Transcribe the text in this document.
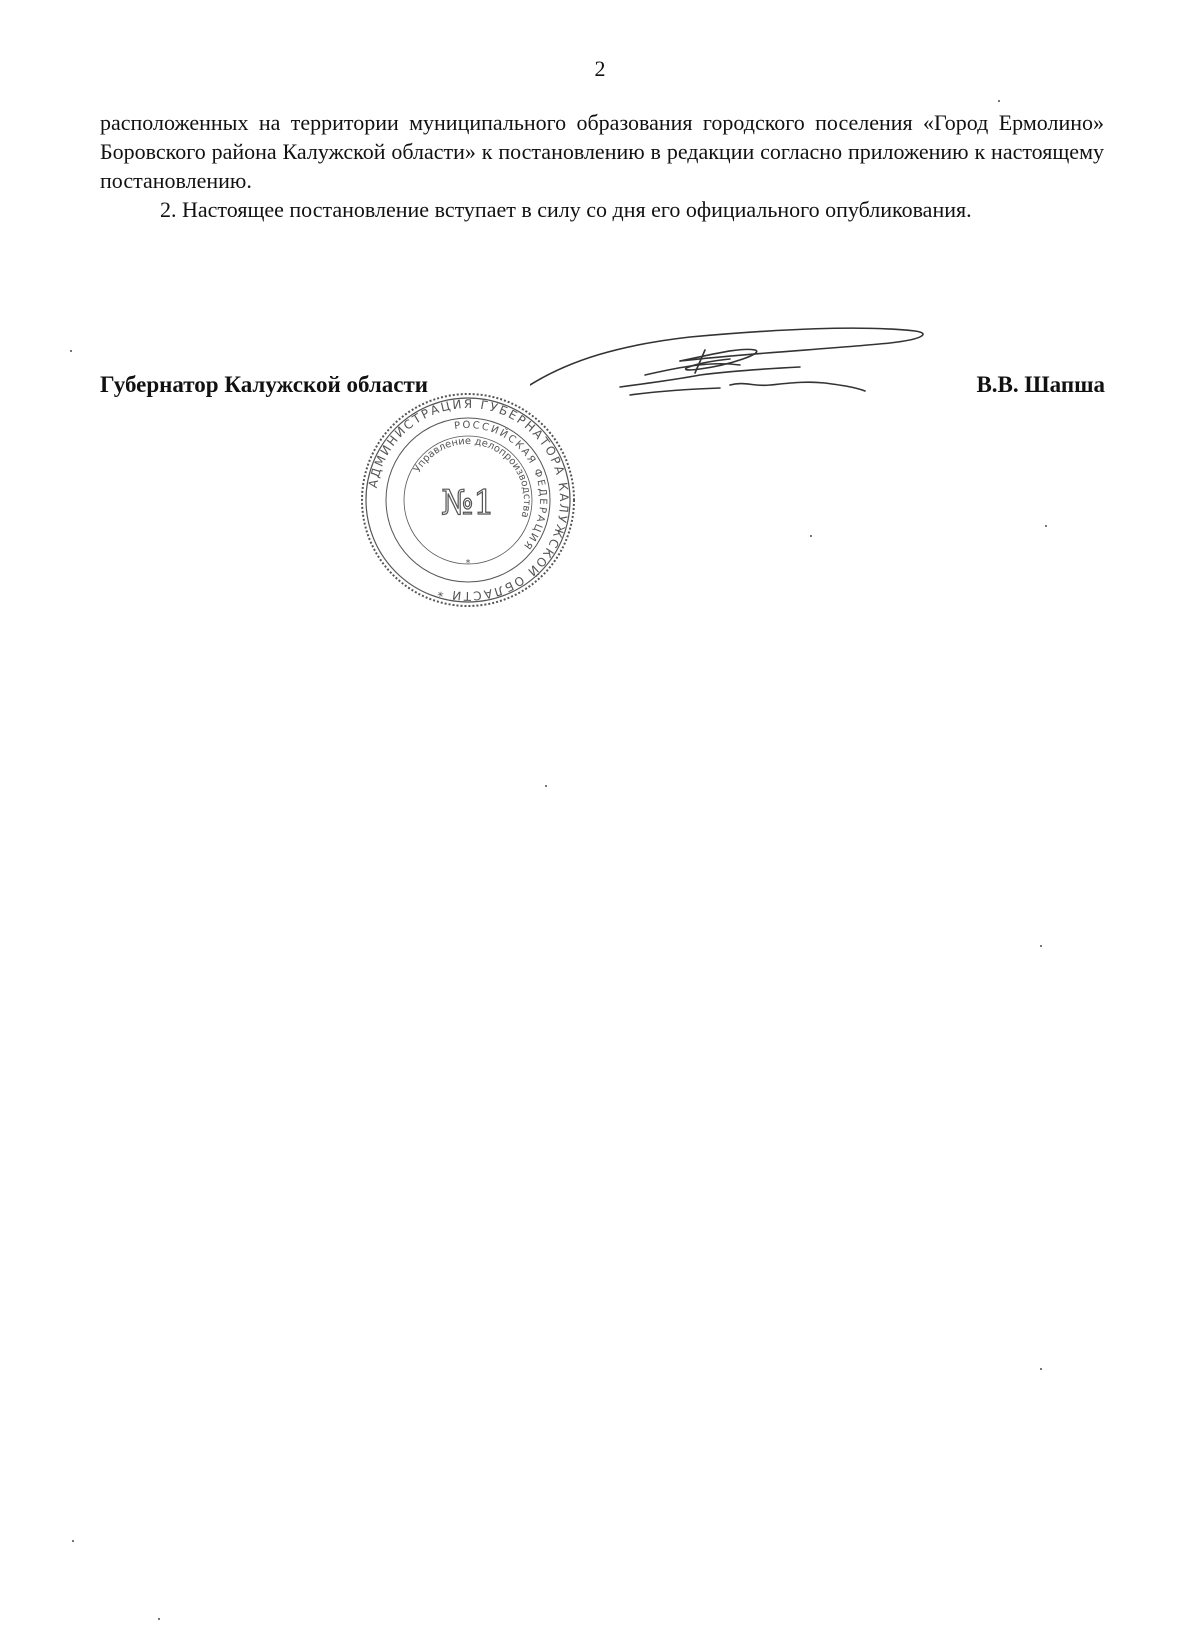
2

расположенных на территории муниципального образования городского поселения «Город Ермолино» Боровского района Калужской области» к постановлению в редакции согласно приложению к настоящему постановлению.

2. Настоящее постановление вступает в силу со дня его официального опубликования.

Губернатор Калужской области	В.В. Шапша
АДМИНИСТРАЦИЯ ГУБЕРНАТОРА КАЛУЖСКОЙ ОБЛАСТИ *
РОССИЙСКАЯ ФЕДЕРАЦИЯ
Управление делопроизводства
№1
*
